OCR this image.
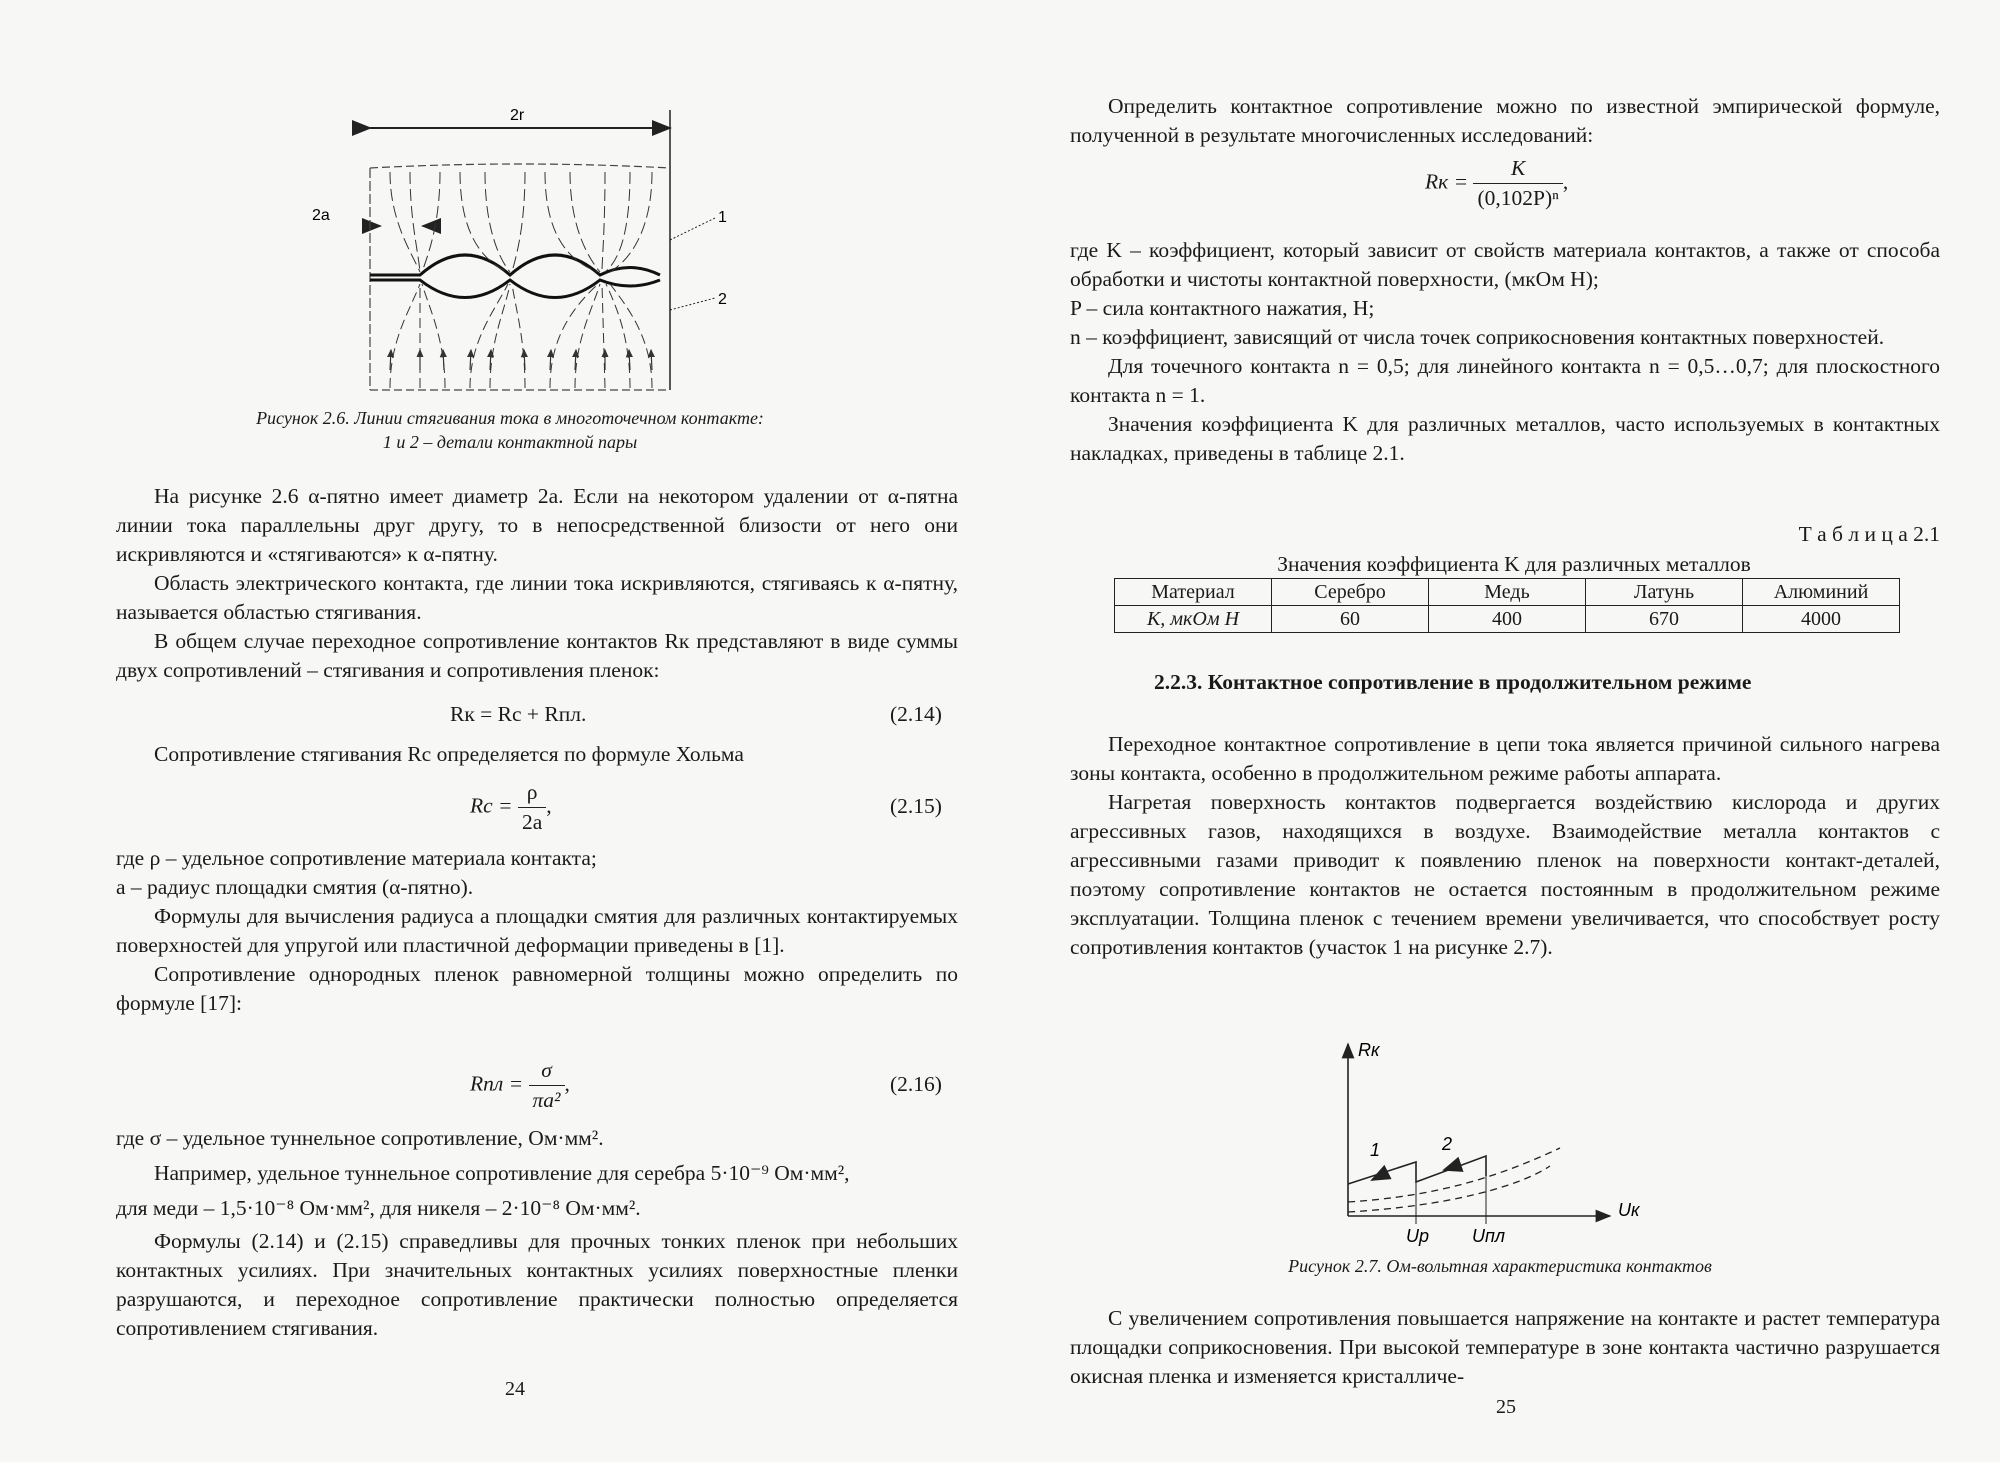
2r
2a	1
2
Рисунок 2.6. Линии стягивания тока в многоточечном контакте:
1 и 2 – детали контактной пары

На рисунке 2.6 α-пятно имеет диаметр 2a. Если на некотором удалении от α-пятна линии тока параллельны друг другу, то в непосредственной близости от него они искривляются и «стягиваются» к α-пятну.

Область электрического контакта, где линии тока искривляются, стягиваясь к α-пятну, называется областью стягивания.

В общем случае переходное сопротивление контактов Rк представляют в виде суммы двух сопротивлений – стягивания и сопротивления пленок:

Rк = Rс + Rпл.	(2.14)

Сопротивление стягивания Rс определяется по формуле Хольма

Rс = $\frac{\rho}{2a}$ ,	(2.15)

где ρ – удельное сопротивление материала контакта;

a – радиус площадки смятия (α-пятно).

Формулы для вычисления радиуса a площадки смятия для различных контактируемых поверхностей для упругой или пластичной деформации приведены в [1].

Сопротивление однородных пленок равномерной толщины можно определить по формуле [17]:

Rпл = $\frac{\sigma}{\text{πa²}}$ ,	(2.16)

где σ – удельное туннельное сопротивление, Ом·мм².

Например, удельное туннельное сопротивление для серебра 5·10⁻⁹ Ом·мм²,

для меди – 1,5·10⁻⁸ Ом·мм², для никеля – 2·10⁻⁸ Ом·мм².

Формулы (2.14) и (2.15) справедливы для прочных тонких пленок при небольших контактных усилиях. При значительных контактных усилиях поверхностные пленки разрушаются, и переходное сопротивление практически полностью определяется сопротивлением стягивания.

24

Определить контактное сопротивление можно по известной эмпирической формуле, полученной в результате многочисленных исследований:

Rк = $\frac{K}{\text{(0,102P)ⁿ}}$ ,

где K – коэффициент, который зависит от свойств материала контактов, а также от способа обработки и чистоты контактной поверхности, (мкОм Н);

P – сила контактного нажатия, Н;

n – коэффициент, зависящий от числа точек соприкосновения контактных поверхностей.

Для точечного контакта n = 0,5; для линейного контакта n = 0,5…0,7; для плоскостного контакта n = 1.

Значения коэффициента K для различных металлов, часто используемых в контактных накладках, приведены в таблице 2.1.

Т а б л и ц а 2.1
Значения коэффициента K для различных металлов
Материал	Серебро	Медь	Латунь	Алюминий
K, мкОм Н	60	400	670	4000
2.2.3. Контактное сопротивление в продолжительном режиме

Переходное контактное сопротивление в цепи тока является причиной сильного нагрева зоны контакта, особенно в продолжительном режиме работы аппарата.

Нагретая поверхность контактов подвергается воздействию кислорода и других агрессивных газов, находящихся в воздухе. Взаимодействие металла контактов с агрессивными газами приводит к появлению пленок на поверхности контакт-деталей, поэтому сопротивление контактов не остается постоянным в продолжительном режиме эксплуатации. Толщина пленок с течением времени увеличивается, что способствует росту сопротивления контактов (участок 1 на рисунке 2.7).

Rк
Uк
1	2
Uр Uпл
Рисунок 2.7. Ом-вольтная характеристика контактов

С увеличением сопротивления повышается напряжение на контакте и растет температура площадки соприкосновения. При высокой температуре в зоне контакта частично разрушается окисная пленка и изменяется кристалличе-

25
